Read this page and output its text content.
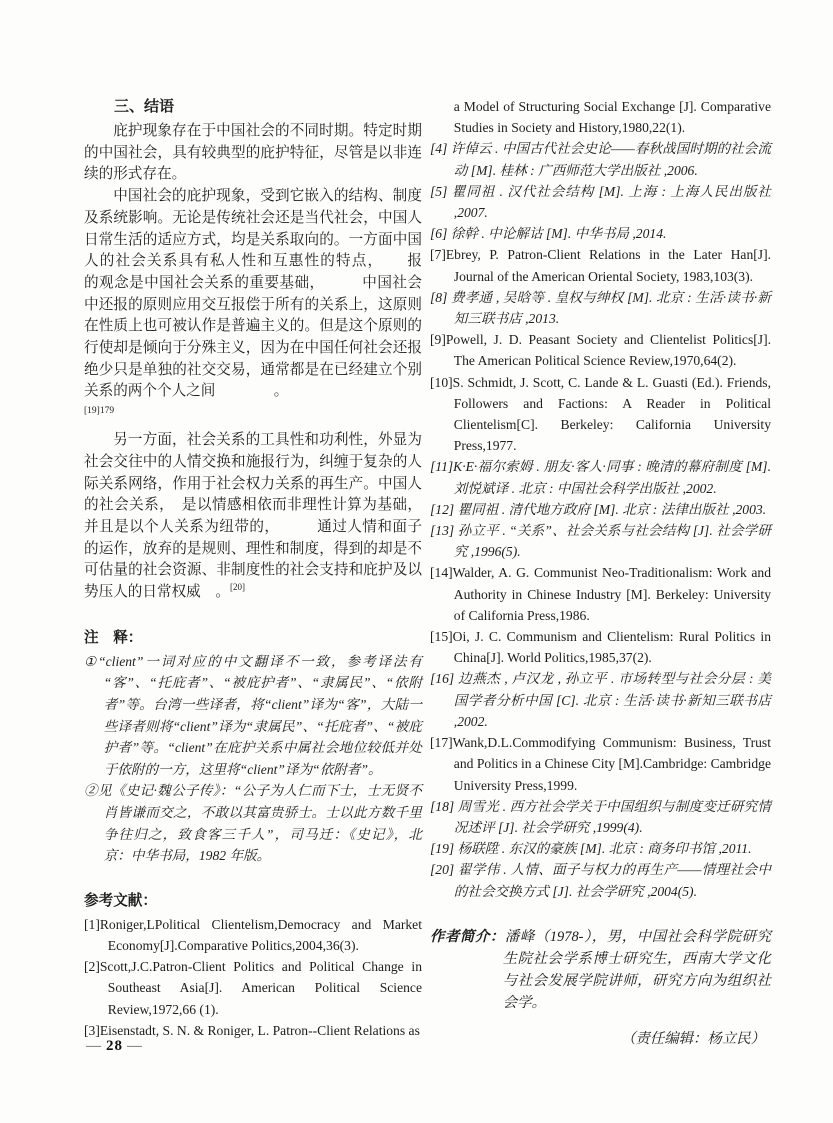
三、结语

庇护现象存在于中国社会的不同时期。特定时期的中国社会，具有较典型的庇护特征，尽管是以非连续的形式存在。

中国社会的庇护现象，受到它嵌入的结构、制度及系统影响。无论是传统社会还是当代社会，中国人日常生活的适应方式，均是关系取向的。一方面中国人的社会关系具有私人性和互惠性的特点，　　报　的观念是中国社会关系的重要基础，　　　中国社会中还报的原则应用交互报偿于所有的关系上，这原则在性质上也可被认作是普遍主义的。但是这个原则的行使却是倾向于分殊主义，因为在中国任何社会还报绝少只是单独的社交交易，通常都是在已经建立个别关系的两个个人之间　　　　。

[19]179

另一方面，社会关系的工具性和功利性，外显为社会交往中的人情交换和施报行为，纠缠于复杂的人际关系网络，作用于社会权力关系的再生产。中国人的社会关系，　是以情感相依而非理性计算为基础，并且是以个人关系为纽带的，　　　通过人情和面子的运作，放弃的是规则、理性和制度，得到的却是不可估量的社会资源、非制度性的社会支持和庇护及以势压人的日常权威　。[20]

注　释：

①“client”一词对应的中文翻译不一致，参考译法有“客”、“托庇者”、“被庇护者”、“隶属民”、“依附者”等。台湾一些译者，将“client”译为“客”，大陆一些译者则将“client”译为“隶属民”、“托庇者”、“被庇护者”等。“client”在庇护关系中属社会地位较低并处于依附的一方，这里将“client”译为“依附者”。

②见《史记·魏公子传》：“公子为人仁而下士，士无贤不肖皆谦而交之，不敢以其富贵骄士。士以此方数千里争往归之，致食客三千人”，司马迁：《史记》，北京：中华书局，1982 年版。

参考文献：

[1]Roniger,LPolitical Clientelism,Democracy and Market Economy[J].Comparative Politics,2004,36(3).

[2]Scott,J.C.Patron-Client Politics and Political Change in Southeast Asia[J]. American Political Science Review,1972,66 (1).

[3]Eisenstadt, S. N. & Roniger, L. Patron--Client Relations as

a Model of Structuring Social Exchange [J]. Comparative Studies in Society and History,1980,22(1).

[4] 许倬云 . 中国古代社会史论——春秋战国时期的社会流动 [M]. 桂林 : 广西师范大学出版社 ,2006.

[5] 瞿同祖 . 汉代社会结构 [M]. 上海 : 上海人民出版社 ,2007.

[6] 徐幹 . 中论解诂 [M]. 中华书局 ,2014.

[7]Ebrey, P. Patron-Client Relations in the Later Han[J]. Journal of the American Oriental Society, 1983,103(3).

[8] 费孝通 , 吴晗等 . 皇权与绅权 [M]. 北京 : 生活·读书·新知三联书店 ,2013.

[9]Powell, J. D. Peasant Society and Clientelist Politics[J]. The American Political Science Review,1970,64(2).

[10]S. Schmidt, J. Scott, C. Lande & L. Guasti (Ed.). Friends, Followers and Factions: A Reader in Political Clientelism[C]. Berkeley: California University Press,1977.

[11]K·E·福尔索姆 . 朋友·客人·同事 : 晚清的幕府制度 [M]. 刘悦斌译 . 北京 : 中国社会科学出版社 ,2002.

[12] 瞿同祖 . 清代地方政府 [M]. 北京 : 法律出版社 ,2003.

[13] 孙立平 . “关系”、社会关系与社会结构 [J]. 社会学研究 ,1996(5).

[14]Walder, A. G. Communist Neo-Traditionalism: Work and Authority in Chinese Industry [M]. Berkeley: University of California Press,1986.

[15]Oi, J. C. Communism and Clientelism: Rural Politics in China[J]. World Politics,1985,37(2).

[16] 边燕杰 , 卢汉龙 , 孙立平 . 市场转型与社会分层 : 美国学者分析中国 [C]. 北京 : 生活·读书·新知三联书店 ,2002.

[17]Wank,D.L.Commodifying Communism: Business, Trust and Politics in a Chinese City [M].Cambridge: Cambridge University Press,1999.

[18] 周雪光 . 西方社会学关于中国组织与制度变迁研究情况述评 [J]. 社会学研究 ,1999(4).

[19] 杨联陞 . 东汉的豪族 [M]. 北京 : 商务印书馆 ,2011.

[20] 翟学伟 . 人情、面子与权力的再生产——情理社会中的社会交换方式 [J]. 社会学研究 ,2004(5).

作者简介：潘峰（1978-），男，中国社会科学院研究生院社会学系博士研究生，西南大学文化与社会发展学院讲师，研究方向为组织社会学。

（责任编辑：杨立民）

— 28 —
